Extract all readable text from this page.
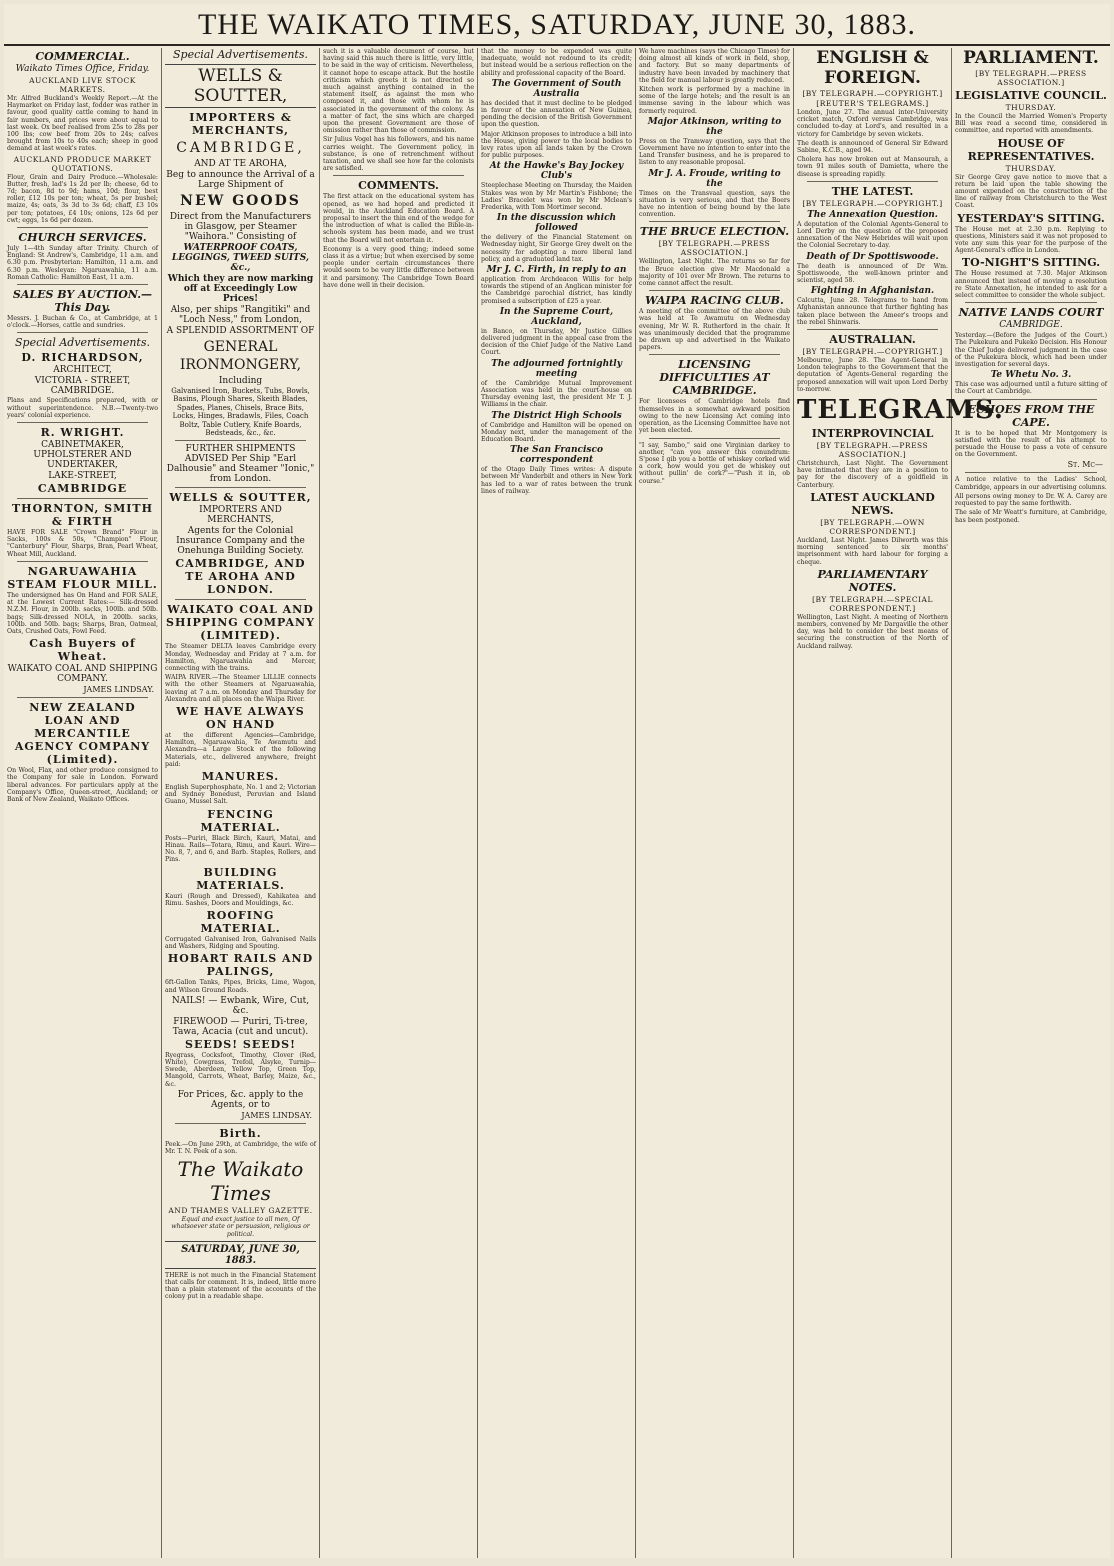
THE WAIKATO TIMES, SATURDAY, JUNE 30, 1883.
COMMERCIAL.
Waikato Times Office, Friday.
AUCKLAND LIVE STOCK MARKETS.

Mr. Alfred Buckland's Weekly Report.—At the Haymarket on Friday last, fodder was rather in favour, good quality cattle coming to hand in fair numbers, and prices were about equal to last week. Ox beef realised from 25s to 28s per 100 lbs; cow beef from 20s to 24s; calves brought from 10s to 40s each; sheep in good demand at last week's rates.

AUCKLAND PRODUCE MARKET QUOTATIONS.

Flour, Grain and Dairy Produce.—Wholesale: Butter, fresh, lad's 1s 2d per lb; cheese, 6d to 7d; bacon, 8d to 9d; hams, 10d; flour, best roller, £12 10s per ton; wheat, 5s per bushel; maize, 4s; oats, 3s 3d to 3s 6d; chaff, £3 10s per ton; potatoes, £4 10s; onions, 12s 6d per cwt; eggs, 1s 6d per dozen.

CHURCH SERVICES.

July 1—4th Sunday after Trinity. Church of England: St Andrew's, Cambridge, 11 a.m. and 6.30 p.m. Presbyterian: Hamilton, 11 a.m. and 6.30 p.m. Wesleyan: Ngaruawahia, 11 a.m. Roman Catholic: Hamilton East, 11 a.m.

SALES BY AUCTION.—This Day.

Messrs. J. Buchan & Co., at Cambridge, at 1 o'clock.—Horses, cattle and sundries.

Special Advertisements.
D. RICHARDSON,
ARCHITECT,
VICTORIA - STREET, CAMBRIDGE.

Plans and Specifications prepared, with or without superintendence. N.B.—Twenty-two years' colonial experience.

R. WRIGHT.
CABINETMAKER, UPHOLSTERER AND UNDERTAKER,
LAKE-STREET,
CAMBRIDGE
THORNTON, SMITH & FIRTH

HAVE FOR SALE "Crown Brand" Flour in Sacks, 100s & 50s, "Champion" Flour, "Canterbury" Flour, Sharps, Bran, Pearl Wheat, Wheat Mill, Auckland.

NGARUAWAHIA STEAM FLOUR MILL.

The undersigned has On Hand and FOR SALE, at the Lowest Current Rates:— Silk-dressed N.Z.M. Flour, in 200lb. sacks, 100lb. and 50lb. bags; Silk-dressed NOLA, in 200lb. sacks, 100lb. and 50lb. bags; Sharps, Bran, Oatmeal, Oats, Crushed Oats, Fowl Feed.

Cash Buyers of Wheat.
WAIKATO COAL AND SHIPPING COMPANY.
JAMES LINDSAY.
NEW ZEALAND LOAN AND MERCANTILE AGENCY COMPANY (Limited).

On Wool, Flax, and other produce consigned to the Company for sale in London. Forward liberal advances. For particulars apply at the Company's Office, Queen-street, Auckland; or Bank of New Zealand, Waikato Offices.

Special Advertisements.
WELLS & SOUTTER,
IMPORTERS & MERCHANTS,
CAMBRIDGE,
AND AT TE AROHA,
Beg to announce the Arrival of a Large Shipment of
NEW GOODS
Direct from the Manufacturers in Glasgow, per Steamer "Waihora." Consisting of
WATERPROOF COATS, LEGGINGS, TWEED SUITS, &c.,
Which they are now marking off at Exceedingly Low Prices!
Also, per ships "Rangitiki" and "Loch Ness," from London,
A SPLENDID ASSORTMENT OF
GENERAL IRONMONGERY,
Including
Galvanised Iron, Buckets, Tubs, Bowls, Basins, Plough Shares, Skeith Blades, Spades, Planes, Chisels, Brace Bits, Locks, Hinges, Bradawls, Files, Coach Boltz, Table Cutlery, Knife Boards, Bedsteads, &c., &c.
FURTHER SHIPMENTS ADVISED Per Ship "Earl Dalhousie" and Steamer "Ionic," from London.
WELLS & SOUTTER,
IMPORTERS AND MERCHANTS,
Agents for the Colonial Insurance Company and the Onehunga Building Society.
CAMBRIDGE, AND TE AROHA AND LONDON.
WAIKATO COAL AND SHIPPING COMPANY (LIMITED).

The Steamer DELTA leaves Cambridge every Monday, Wednesday and Friday at 7 a.m. for Hamilton, Ngaruawahia and Mercer, connecting with the trains.

WAIPA RIVER.—The Steamer LILLIE connects with the other Steamers at Ngaruawahia, leaving at 7 a.m. on Monday and Thursday for Alexandra and all places on the Waipa River.

WE HAVE ALWAYS ON HAND

at the different Agencies—Cambridge, Hamilton, Ngaruawahia, Te Awamutu and Alexandra—a Large Stock of the following Materials, etc., delivered anywhere, freight paid:

MANURES.

English Superphosphate, No. 1 and 2; Victorian and Sydney Bonedust, Peruvian and Island Guano, Mussel Salt.

FENCING MATERIAL.

Posts—Puriri, Black Birch, Kauri, Matai, and Hinau. Rails—Totara, Rimu, and Kauri. Wire—No. 8, 7, and 6, and Barb. Staples, Rollers, and Pins.

BUILDING MATERIALS.

Kauri (Rough and Dressed), Kahikatea and Rimu. Sashes, Doors and Mouldings, &c.

ROOFING MATERIAL.

Corrugated Galvanised Iron, Galvanised Nails and Washers, Ridging and Spouting.

HOBART RAILS AND PALINGS,

6ft-Gallon Tanks, Pipes, Bricks, Lime, Wagon, and Wilson Ground Roads.

NAILS! — Ewbank, Wire, Cut, &c.
FIREWOOD — Puriri, Ti-tree, Tawa, Acacia (cut and uncut).
SEEDS! SEEDS!

Ryegrass, Cocksfoot, Timothy, Clover (Red, White), Cowgrass, Trefoil, Alsyke, Turnip—Swede, Aberdeen, Yellow Top, Green Top, Mangold, Carrots, Wheat, Barley, Maize, &c., &c.

For Prices, &c. apply to the Agents, or to
JAMES LINDSAY.
Birth.

Peek.—On June 29th, at Cambridge, the wife of Mr. T. N. Peek of a son.

The Waikato Times
AND THAMES VALLEY GAZETTE.

Equal and exact justice to all men, Of whatsoever state or persuasion, religious or political.

SATURDAY, JUNE 30, 1883.

THERE is not much in the Financial Statement that calls for comment. It is, indeed, little more than a plain statement of the accounts of the colony put in a readable shape.

such it is a valuable document of course, but having said this much there is little, very little, to be said in the way of criticism. Nevertheless, it cannot hope to escape attack. But the hostile criticism which greets it is not directed so much against anything contained in the statement itself, as against the men who composed it, and those with whom he is associated in the government of the colony. As a matter of fact, the sins which are charged upon the present Government are those of omission rather than those of commission.

Sir Julius Vogel has his followers, and his name carries weight. The Government policy, in substance, is one of retrenchment without taxation, and we shall see how far the colonists are satisfied.

COMMENTS.

The first attack on the educational system has opened, as we had hoped and predicted it would, in the Auckland Education Board. A proposal to insert the thin end of the wedge for the introduction of what is called the Bible-in-schools system has been made, and we trust that the Board will not entertain it.

Economy is a very good thing; indeed some class it as a virtue; but when exercised by some people under certain circumstances there would seem to be very little difference between it and parsimony. The Cambridge Town Board have done well in their decision.

that the money to be expended was quite inadequate, would not redound to its credit; but instead would be a serious reflection on the ability and professional capacity of the Board.

The Government of South Australia

has decided that it must decline to be pledged in favour of the annexation of New Guinea, pending the decision of the British Government upon the question.

Major Atkinson proposes to introduce a bill into the House, giving power to the local bodies to levy rates upon all lands taken by the Crown for public purposes.

At the Hawke's Bay Jockey Club's

Steeplechase Meeting on Thursday, the Maiden Stakes was won by Mr Martin's Fishbone; the Ladies' Bracelet was won by Mr Mclean's Frederika, with Tom Mortimer second.

In the discussion which followed

the delivery of the Financial Statement on Wednesday night, Sir George Grey dwelt on the necessity for adopting a more liberal land policy, and a graduated land tax.

Mr J. C. Firth, in reply to an

application from Archdeacon Willis for help towards the stipend of an Anglican minister for the Cambridge parochial district, has kindly promised a subscription of £25 a year.

In the Supreme Court, Auckland,

in Banco, on Thursday, Mr Justice Gillies delivered judgment in the appeal case from the decision of the Chief Judge of the Native Land Court.

The adjourned fortnightly meeting

of the Cambridge Mutual Improvement Association was held in the court-house on Thursday evening last, the president Mr T. J. Williams in the chair.

The District High Schools

of Cambridge and Hamilton will be opened on Monday next, under the management of the Education Board.

The San Francisco correspondent

of the Otago Daily Times writes: A dispute between Mr Vanderbilt and others in New York has led to a war of rates between the trunk lines of railway.

We have machines (says the Chicago Times) for doing almost all kinds of work in field, shop, and factory. But so many departments of industry have been invaded by machinery that the field for manual labour is greatly reduced.

Kitchen work is performed by a machine in some of the large hotels; and the result is an immense saving in the labour which was formerly required.

Major Atkinson, writing to the

Press on the Tramway question, says that the Government have no intention to enter into the Land Transfer business, and he is prepared to listen to any reasonable proposal.

Mr J. A. Froude, writing to the

Times on the Transvaal question, says the situation is very serious, and that the Boers have no intention of being bound by the late convention.

THE BRUCE ELECTION.
[BY TELEGRAPH.—PRESS ASSOCIATION.]

Wellington, Last Night. The returns so far for the Bruce election give Mr Macdonald a majority of 101 over Mr Brown. The returns to come cannot affect the result.

WAIPA RACING CLUB.

A meeting of the committee of the above club was held at Te Awamutu on Wednesday evening, Mr W. R. Rutherford in the chair. It was unanimously decided that the programme be drawn up and advertised in the Waikato papers.

LICENSING DIFFICULTIES AT CAMBRIDGE.

For licensees of Cambridge hotels find themselves in a somewhat awkward position owing to the new Licensing Act coming into operation, as the Licensing Committee have not yet been elected.

"I say, Sambo," said one Virginian darkey to another, "can you answer this conundrum: S'pose I gib you a bottle of whiskey corked wid a cork, how would you get de whiskey out without pullin' de cork?"—"Push it in, ob course."

ENGLISH & FOREIGN.
[BY TELEGRAPH.—COPYRIGHT.]
[REUTER'S TELEGRAMS.]

London, June 27. The annual inter-University cricket match, Oxford versus Cambridge, was concluded to-day at Lord's, and resulted in a victory for Cambridge by seven wickets.

The death is announced of General Sir Edward Sabine, K.C.B., aged 94.

Cholera has now broken out at Mansourah, a town 91 miles south of Damietta, where the disease is spreading rapidly.

THE LATEST.
[BY TELEGRAPH.—COPYRIGHT.]
The Annexation Question.

A deputation of the Colonial Agents-General to Lord Derby on the question of the proposed annexation of the New Hebrides will wait upon the Colonial Secretary to-day.

Death of Dr Spottiswoode.

The death is announced of Dr Wm. Spottiswoode, the well-known printer and scientist, aged 58.

Fighting in Afghanistan.

Calcutta, June 28. Telegrams to hand from Afghanistan announce that further fighting has taken place between the Ameer's troops and the rebel Shinwaris.

AUSTRALIAN.
[BY TELEGRAPH.—COPYRIGHT.]

Melbourne, June 28. The Agent-General in London telegraphs to the Government that the deputation of Agents-General regarding the proposed annexation will wait upon Lord Derby to-morrow.

TELEGRAMS.
INTERPROVINCIAL
[BY TELEGRAPH.—PRESS ASSOCIATION.]

Christchurch, Last Night. The Government have intimated that they are in a position to pay for the discovery of a goldfield in Canterbury.

LATEST AUCKLAND NEWS.
[BY TELEGRAPH.—OWN CORRESPONDENT.]

Auckland, Last Night. James Dilworth was this morning sentenced to six months' imprisonment with hard labour for forging a cheque.

PARLIAMENTARY NOTES.
[BY TELEGRAPH.—SPECIAL CORRESPONDENT.]

Wellington, Last Night. A meeting of Northern members, convened by Mr Dargaville the other day, was held to consider the best means of securing the construction of the North of Auckland railway.

PARLIAMENT.
[BY TELEGRAPH.—PRESS ASSOCIATION.]
LEGISLATIVE COUNCIL.
THURSDAY.

In the Council the Married Women's Property Bill was read a second time, considered in committee, and reported with amendments.

HOUSE OF REPRESENTATIVES.
THURSDAY.

Sir George Grey gave notice to move that a return be laid upon the table showing the amount expended on the construction of the line of railway from Christchurch to the West Coast.

YESTERDAY'S SITTING.

The House met at 2.30 p.m. Replying to questions, Ministers said it was not proposed to vote any sum this year for the purpose of the Agent-General's office in London.

TO-NIGHT'S SITTING.

The House resumed at 7.30. Major Atkinson announced that instead of moving a resolution re State Annexation, he intended to ask for a select committee to consider the whole subject.

NATIVE LANDS COURT
CAMBRIDGE.

Yesterday.—(Before the Judges of the Court.) The Pukekura and Pukeko Decision. His Honour the Chief Judge delivered judgment in the case of the Pukekura block, which had been under investigation for several days.

Te Whetu No. 3.

This case was adjourned until a future sitting of the Court at Cambridge.

ECHOES FROM THE CAPE.

It is to be hoped that Mr Montgomery is satisfied with the result of his attempt to persuade the House to pass a vote of censure on the Government.

St. Mc—

A notice relative to the Ladies' School, Cambridge, appears in our advertising columns.

All persons owing money to Dr. W. A. Carey are requested to pay the same forthwith.

The sale of Mr Weatt's furniture, at Cambridge, has been postponed.
